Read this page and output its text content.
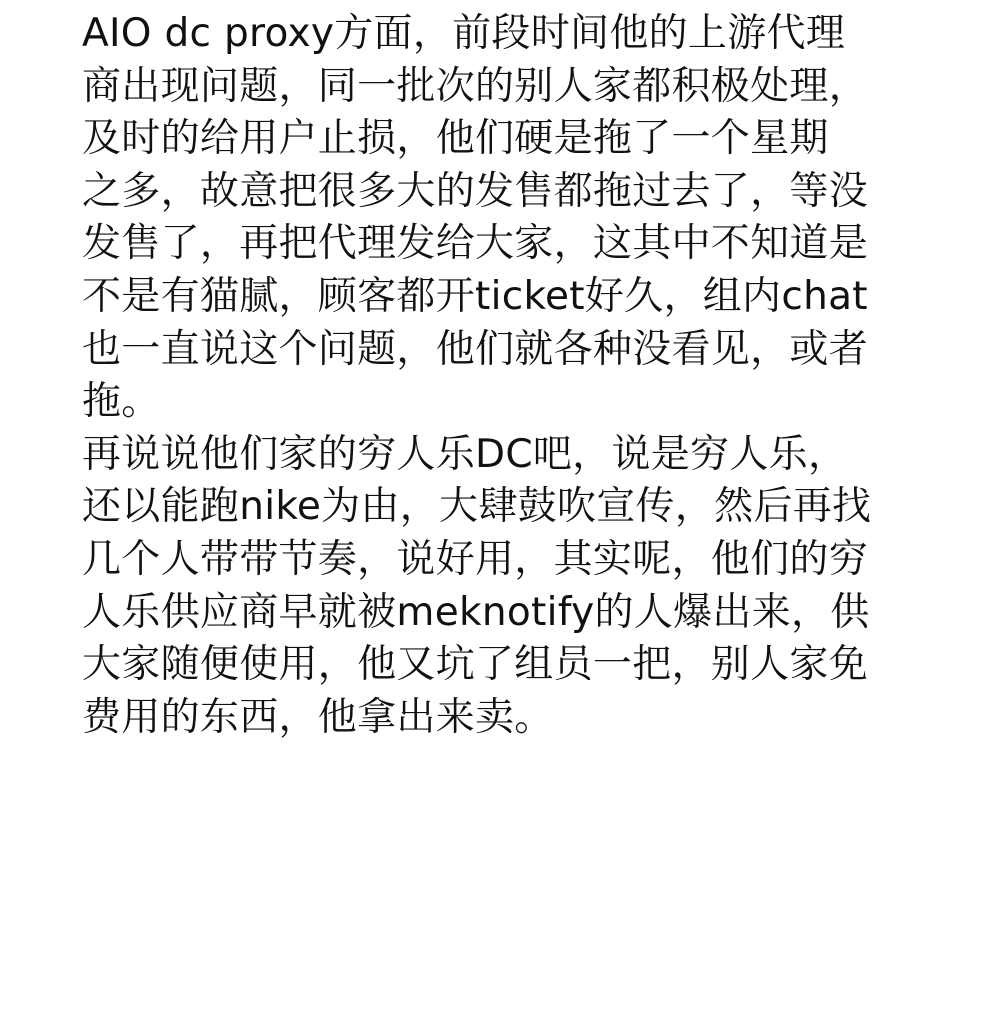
AIO dc proxy方面，前段时间他的上游代理
商出现问题，同一批次的别人家都积极处理，
及时的给用户止损，他们硬是拖了一个星期
之多，故意把很多大的发售都拖过去了，等没
发售了，再把代理发给大家，这其中不知道是
不是有猫腻，顾客都开ticket好久，组内chat
也一直说这个问题，他们就各种没看见，或者
拖。
再说说他们家的穷人乐DC吧，说是穷人乐，
还以能跑nike为由，大肆鼓吹宣传，然后再找
几个人带带节奏，说好用，其实呢，他们的穷
人乐供应商早就被meknotify的人爆出来，供
大家随便使用，他又坑了组员一把，别人家免
费用的东西，他拿出来卖。
